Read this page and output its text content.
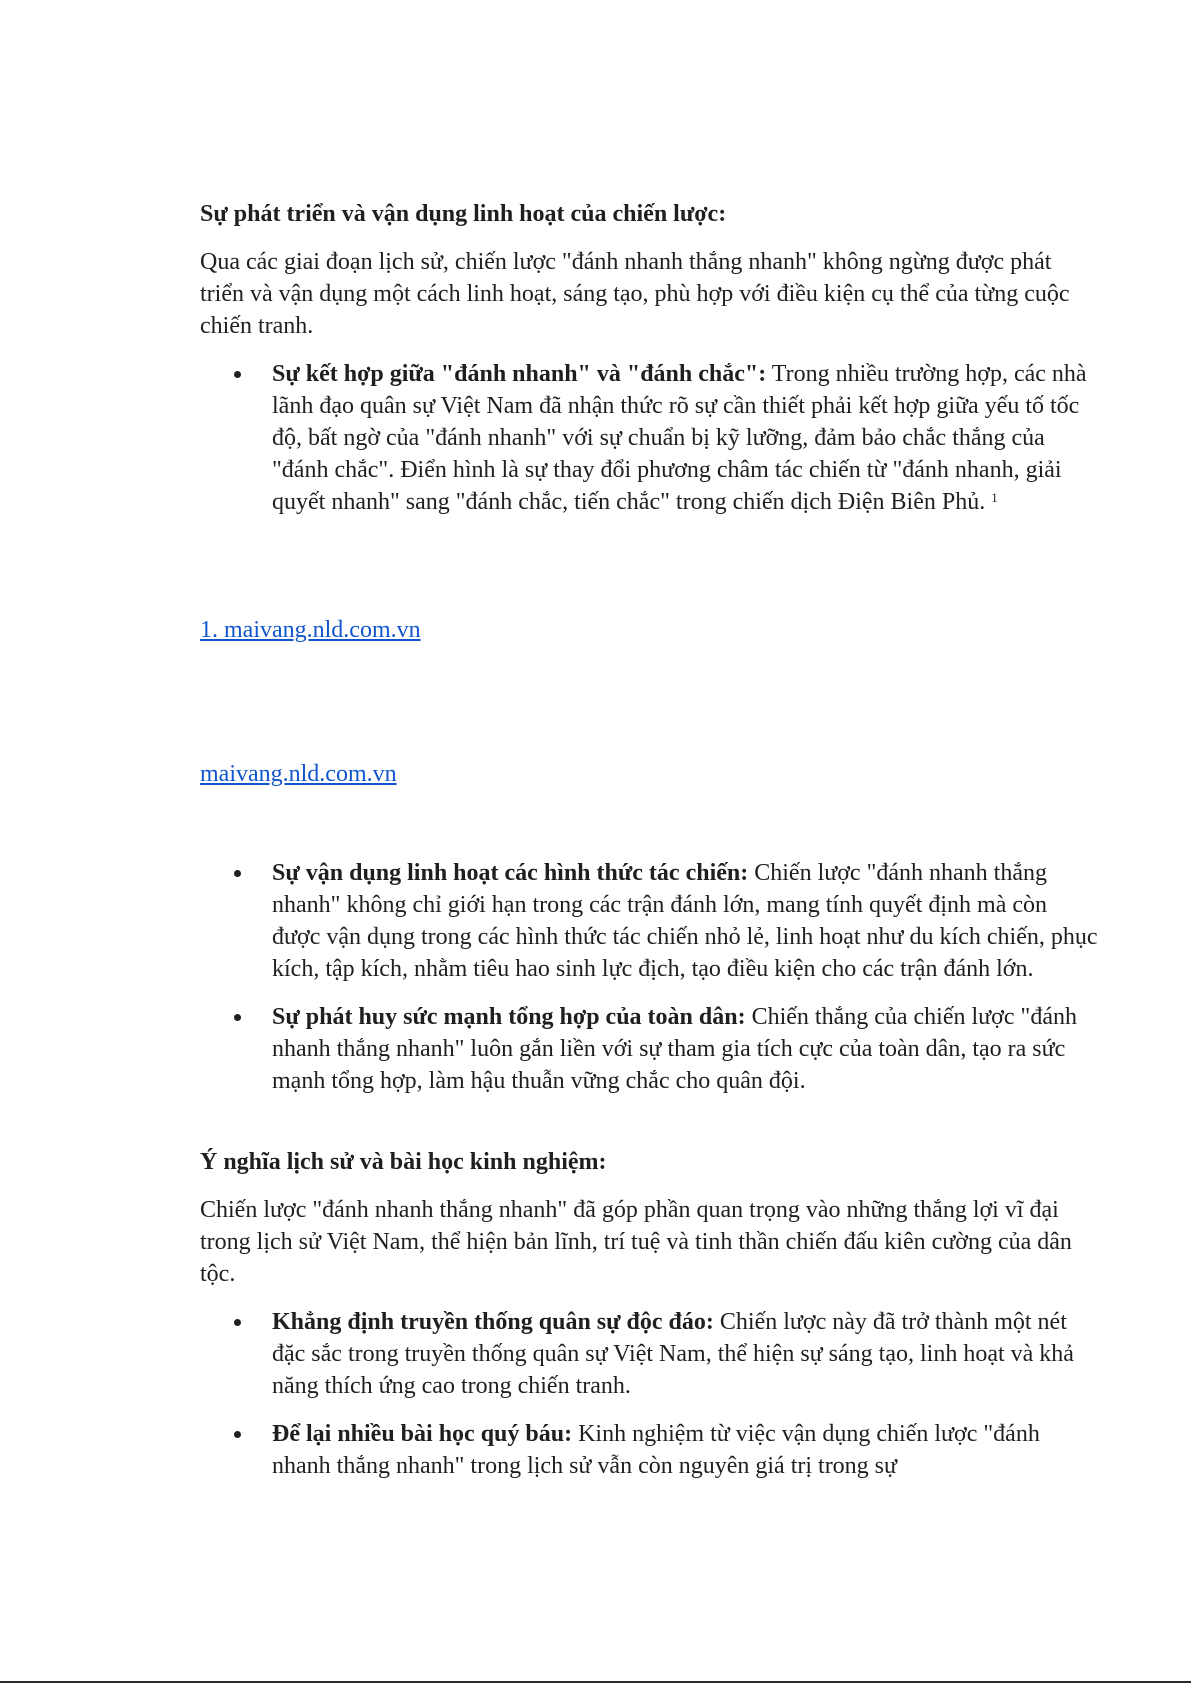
Sự phát triển và vận dụng linh hoạt của chiến lược:

Qua các giai đoạn lịch sử, chiến lược "đánh nhanh thắng nhanh" không ngừng được phát triển và vận dụng một cách linh hoạt, sáng tạo, phù hợp với điều kiện cụ thể của từng cuộc chiến tranh.

Sự kết hợp giữa "đánh nhanh" và "đánh chắc": Trong nhiều trường hợp, các nhà lãnh đạo quân sự Việt Nam đã nhận thức rõ sự cần thiết phải kết hợp giữa yếu tố tốc độ, bất ngờ của "đánh nhanh" với sự chuẩn bị kỹ lưỡng, đảm bảo chắc thắng của "đánh chắc". Điển hình là sự thay đổi phương châm tác chiến từ "đánh nhanh, giải quyết nhanh" sang "đánh chắc, tiến chắc" trong chiến dịch Điện Biên Phủ. $^1$
1. maivang.nld.com.vn
maivang.nld.com.vn
Sự vận dụng linh hoạt các hình thức tác chiến: Chiến lược "đánh nhanh thắng nhanh" không chỉ giới hạn trong các trận đánh lớn, mang tính quyết định mà còn được vận dụng trong các hình thức tác chiến nhỏ lẻ, linh hoạt như du kích chiến, phục kích, tập kích, nhằm tiêu hao sinh lực địch, tạo điều kiện cho các trận đánh lớn.
Sự phát huy sức mạnh tổng hợp của toàn dân: Chiến thắng của chiến lược "đánh nhanh thắng nhanh" luôn gắn liền với sự tham gia tích cực của toàn dân, tạo ra sức mạnh tổng hợp, làm hậu thuẫn vững chắc cho quân đội.
Ý nghĩa lịch sử và bài học kinh nghiệm:

Chiến lược "đánh nhanh thắng nhanh" đã góp phần quan trọng vào những thắng lợi vĩ đại trong lịch sử Việt Nam, thể hiện bản lĩnh, trí tuệ và tinh thần chiến đấu kiên cường của dân tộc.

Khẳng định truyền thống quân sự độc đáo: Chiến lược này đã trở thành một nét đặc sắc trong truyền thống quân sự Việt Nam, thể hiện sự sáng tạo, linh hoạt và khả năng thích ứng cao trong chiến tranh.
Để lại nhiều bài học quý báu: Kinh nghiệm từ việc vận dụng chiến lược "đánh nhanh thắng nhanh" trong lịch sử vẫn còn nguyên giá trị trong sự
